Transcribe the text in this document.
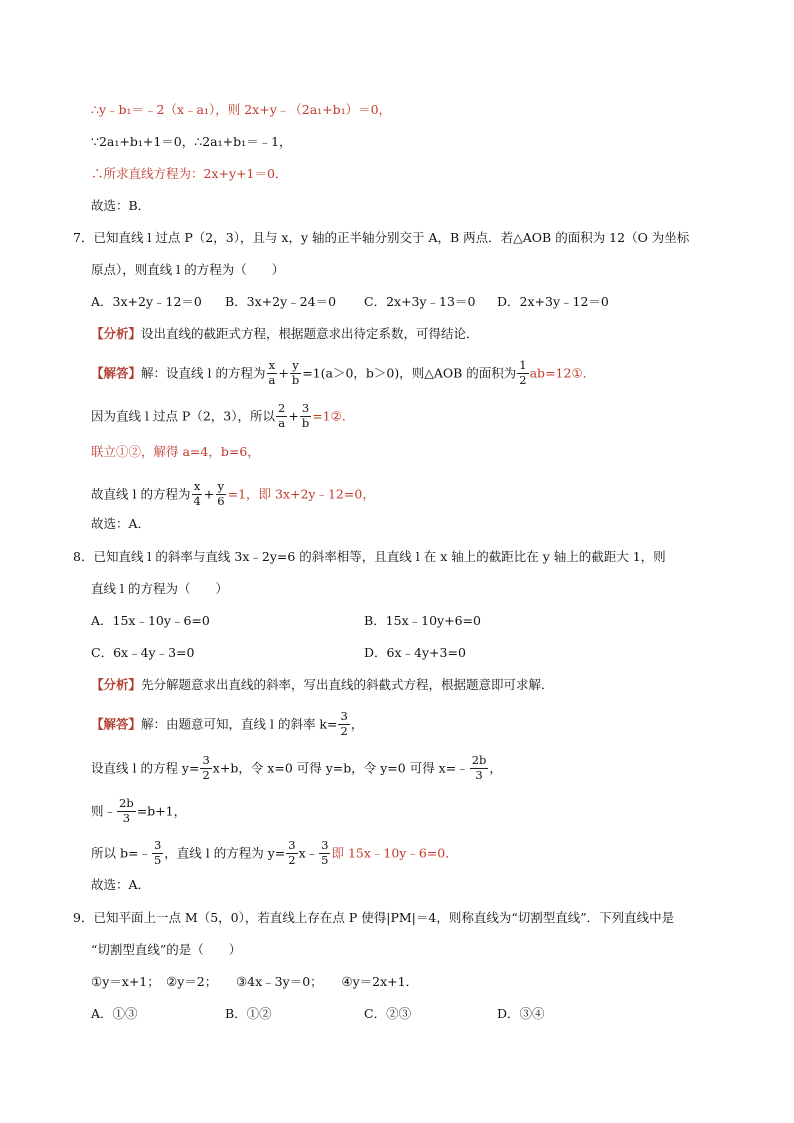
∴y﹣b₁＝﹣2（x﹣a₁），则 2x+y﹣（2a₁+b₁）＝0，
∵2a₁+b₁+1＝0，∴2a₁+b₁＝﹣1，
∴所求直线方程为：2x+y+1＝0．
故选：B．
7．已知直线 l 过点 P（2，3），且与 x，y 轴的正半轴分别交于 A，B 两点．若△AOB 的面积为 12（O 为坐标
原点），则直线 l 的方程为（　　）
A．3x+2y﹣12＝0 B．3x+2y﹣24＝0 C．2x+3y﹣13＝0 D．2x+3y﹣12＝0
【分析】设出直线的截距式方程，根据题意求出待定系数，可得结论．
【解答】解：设直线 l 的方程为 $\frac{x}{a} + \frac{y}{b} =1(a>0$，b＞0)，则△AOB 的面积为 $\frac{1}{2}$ ab=12①．
因为直线 l 过点 P（2，3），所以 $\frac{2}{a} + \frac{3}{b}$ =1②．
联立①②，解得 a=4，b=6，
故直线 l 的方程为 $\frac{x}{4} + \frac{y}{6} =1$，即 3x+2y﹣12=0，
故选：A．
8．已知直线 l 的斜率与直线 3x﹣2y=6 的斜率相等，且直线 l 在 x 轴上的截距比在 y 轴上的截距大 1，则
直线 l 的方程为（　　）
A．15x﹣10y﹣6=0	B．15x﹣10y+6=0
C．6x﹣4y﹣3=0	D．6x﹣4y+3=0
【分析】先分解题意求出直线的斜率，写出直线的斜截式方程，根据题意即可求解．
【解答】解：由题意可知，直线 l 的斜率 $k= \frac{3}{2}$ ，
设直线 l 的方程 $y= \frac{3}{2} x+b$，令 x=0 可得 y=b，令 y=0 可得 x=﹣ $\frac{2b}{3}$ ，
则﹣ $\frac{2b}{3} =b+1$，
所以 b=﹣ $\frac{3}{5}$ ，直线 l 的方程为 $y= \frac{3}{2}$ x﹣ $\frac{3}{5}$ 即 15x﹣10y﹣6=0．
故选：A．
9．已知平面上一点 M（5，0），若直线上存在点 P 使得|PM|＝4，则称直线为“切割型直线”．下列直线中是
“切割型直线”的是（　　）
①y＝x+1；　②y＝2；　　③4x﹣3y＝0；　　④y＝2x+1．
A．①③	B．①②	C．②③	D．③④
